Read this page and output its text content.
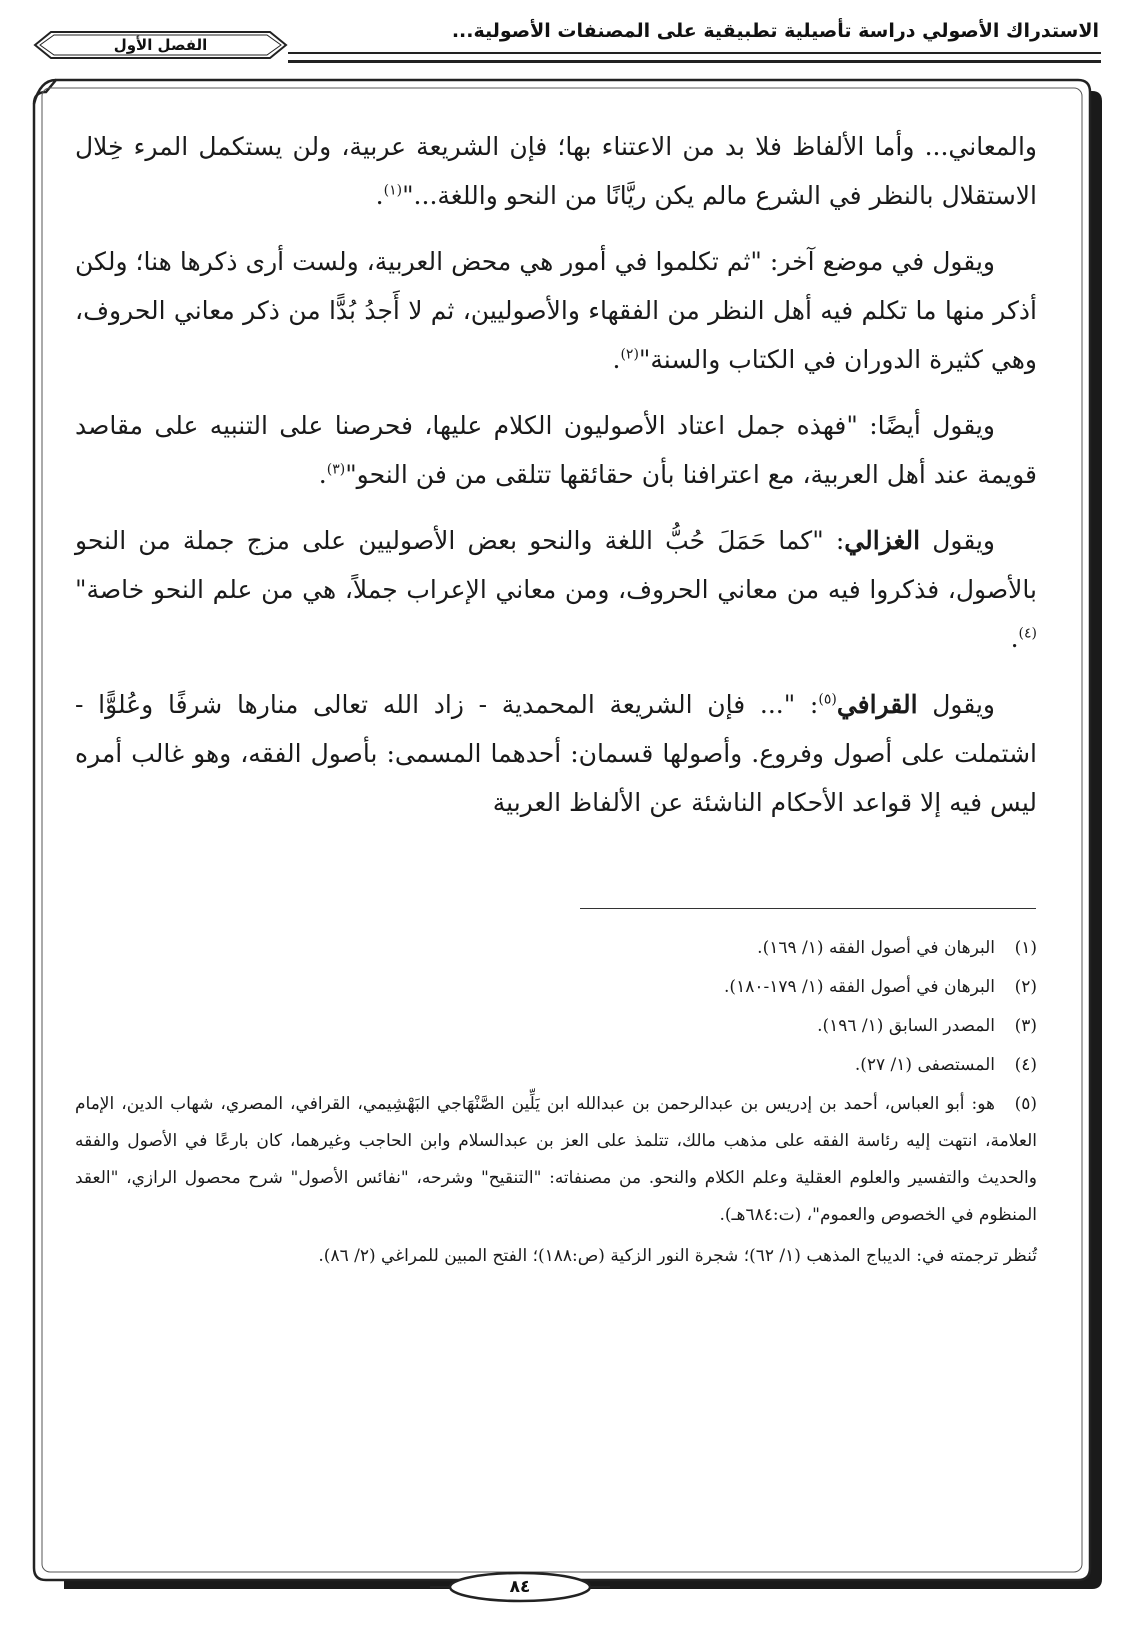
الاستدراك الأصولي دراسة تأصيلية تطبيقية على المصنفات الأصولية...
الفصل الأول
٨٤

والمعاني... وأما الألفاظ فلا بد من الاعتناء بها؛ فإن الشريعة عربية، ولن يستكمل المرء خِلال الاستقلال بالنظر في الشرع مالم يكن ريَّانًا من النحو واللغة..."$^{(١)}$.

ويقول في موضع آخر: "ثم تكلموا في أمور هي محض العربية، ولست أرى ذكرها هنا؛ ولكن أذكر منها ما تكلم فيه أهل النظر من الفقهاء والأصوليين، ثم لا أَجدُ بُدًّا من ذكر معاني الحروف، وهي كثيرة الدوران في الكتاب والسنة"$^{(٢)}$.

ويقول أيضًا: "فهذه جمل اعتاد الأصوليون الكلام عليها، فحرصنا على التنبيه على مقاصد قويمة عند أهل العربية، مع اعترافنا بأن حقائقها تتلقى من فن النحو"$^{(٣)}$.

ويقول الغزالي: "كما حَمَلَ حُبُّ اللغة والنحو بعض الأصوليين على مزج جملة من النحو بالأصول، فذكروا فيه من معاني الحروف، ومن معاني الإعراب جملاً، هي من علم النحو خاصة"$^{(٤)}$.

ويقول القرافي$^{(٥)}$: "... فإن الشريعة المحمدية - زاد الله تعالى منارها شرفًا وعُلوًّا - اشتملت على أصول وفروع. وأصولها قسمان: أحدهما المسمى: بأصول الفقه، وهو غالب أمره ليس فيه إلا قواعد الأحكام الناشئة عن الألفاظ العربية

(١)البرهان في أصول الفقه (١/ ١٦٩).
(٢)البرهان في أصول الفقه (١/ ١٧٩-١٨٠).
(٣)المصدر السابق (١/ ١٩٦).
(٤)المستصفى (١/ ٢٧).
(٥)هو: أبو العباس، أحمد بن إدريس بن عبدالرحمن بن عبدالله ابن يَلِّين الصَّنْهَاجي البَهْشِيمي، القرافي، المصري، شهاب الدين، الإمام العلامة، انتهت إليه رئاسة الفقه على مذهب مالك، تتلمذ على العز بن عبدالسلام وابن الحاجب وغيرهما، كان بارعًا في الأصول والفقه والحديث والتفسير والعلوم العقلية وعلم الكلام والنحو. من مصنفاته: "التنقيح" وشرحه، "نفائس الأصول" شرح محصول الرازي، "العقد المنظوم في الخصوص والعموم"، (ت:٦٨٤هـ).
تُنظر ترجمته في: الديباج المذهب (١/ ٦٢)؛ شجرة النور الزكية (ص:١٨٨)؛ الفتح المبين للمراغي (٢/ ٨٦).
